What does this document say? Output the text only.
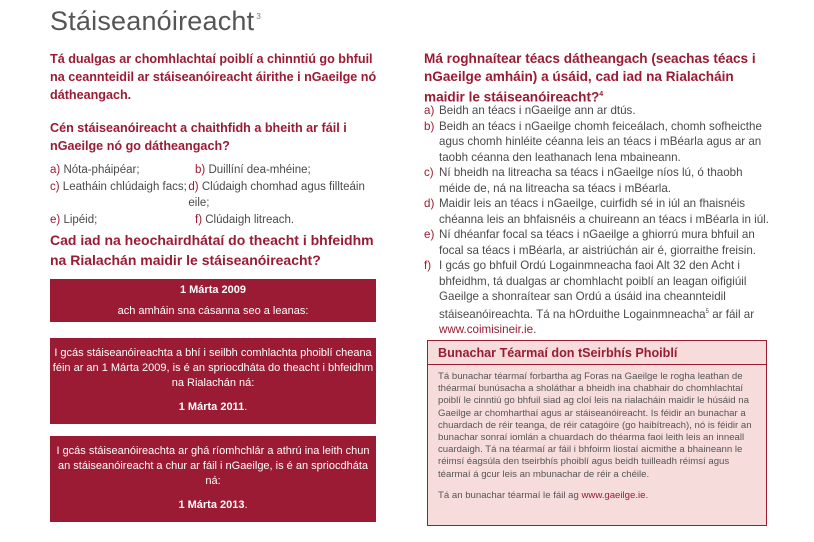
Stáiseanóireacht $^3$
Tá dualgas ar chomhlachtaí poiblí a chinntiú go bhfuil na ceannteidil ar stáiseanóireacht áirithe i nGaeilge nó dátheangach.
Cén stáiseanóireacht a chaithfidh a bheith ar fáil i nGaeilge nó go dátheangach?
a) Nóta-pháipéar;	b) Duillíní dea-mhéine;
c) Leatháin chlúdaigh facs; d) Clúdaigh chomhad agus fillteáin eile;
e) Lipéid;	f) Clúdaigh litreach.
Cad iad na heochairdhátaí do theacht i bhfeidhm na Rialachán maidir le stáiseanóireacht?
1 Márta 2009
ach amháin sna cásanna seo a leanas:
I gcás stáiseanóireachta a bhí i seilbh comhlachta phoiblí cheana féin ar an 1 Márta 2009, is é an spriocdháta do theacht i bhfeidhm na Rialachán ná:
1 Márta 2011.
I gcás stáiseanóireachta ar ghá ríomhchlár a athrú ina leith chun an stáiseanóireacht a chur ar fáil i nGaeilge, is é an spriocdháta ná:
1 Márta 2013.
Má roghnaítear téacs dátheangach (seachas téacs i nGaeilge amháin) a úsáid, cad iad na Rialacháin maidir le stáiseanóireacht?$^4$
a) Beidh an téacs i nGaeilge ann ar dtús.
b) Beidh an téacs i nGaeilge chomh feiceálach, chomh sofheicthe agus chomh hinléite céanna leis an téacs i mBéarla agus ar an taobh céanna den leathanach lena mbaineann.
c) Ní bheidh na litreacha sa téacs i nGaeilge níos lú, ó thaobh méide de, ná na litreacha sa téacs i mBéarla.
d) Maidir leis an téacs i nGaeilge, cuirfidh sé in iúl an fhaisnéis chéanna leis an bhfaisnéis a chuireann an téacs i mBéarla in iúl.
e) Ní dhéanfar focal sa téacs i nGaeilge a ghiorrú mura bhfuil an focal sa téacs i mBéarla, ar aistriúchán air é, giorraithe freisin.
f) I gcás go bhfuil Ordú Logainmneacha faoi Alt 32 den Acht i bhfeidhm, tá dualgas ar chomhlacht poiblí an leagan oifigiúil Gaeilge a shonraítear san Ordú a úsáid ina cheannteidil stáiseanóireachta. Tá na hOrduithe Logainmneacha$^5$ ar fáil ar www.coimisineir.ie.
Bunachar Téarmaí don tSeirbhís Phoiblí
Tá bunachar téarmaí forbartha ag Foras na Gaeilge le rogha leathan de théarmaí bunúsacha a sholáthar a bheidh ina chabhair do chomhlachtaí poiblí le cinntiú go bhfuil siad ag cloí leis na rialacháin maidir le húsáid na Gaeilge ar chomharthaí agus ar stáiseanóireacht. Is féidir an bunachar a chuardach de réir teanga, de réir catagóire (go haibítreach), nó is féidir an bunachar sonraí iomlán a chuardach do théarma faoi leith leis an inneall cuardaigh. Tá na téarmaí ar fáil i bhfoirm liostaí aicmithe a bhaineann le réimsí éagsúla den tseirbhís phoiblí agus beidh tuilleadh réimsí agus téarmaí á gcur leis an mbunachar de réir a chéile.
Tá an bunachar téarmaí le fáil ag www.gaeilge.ie.
